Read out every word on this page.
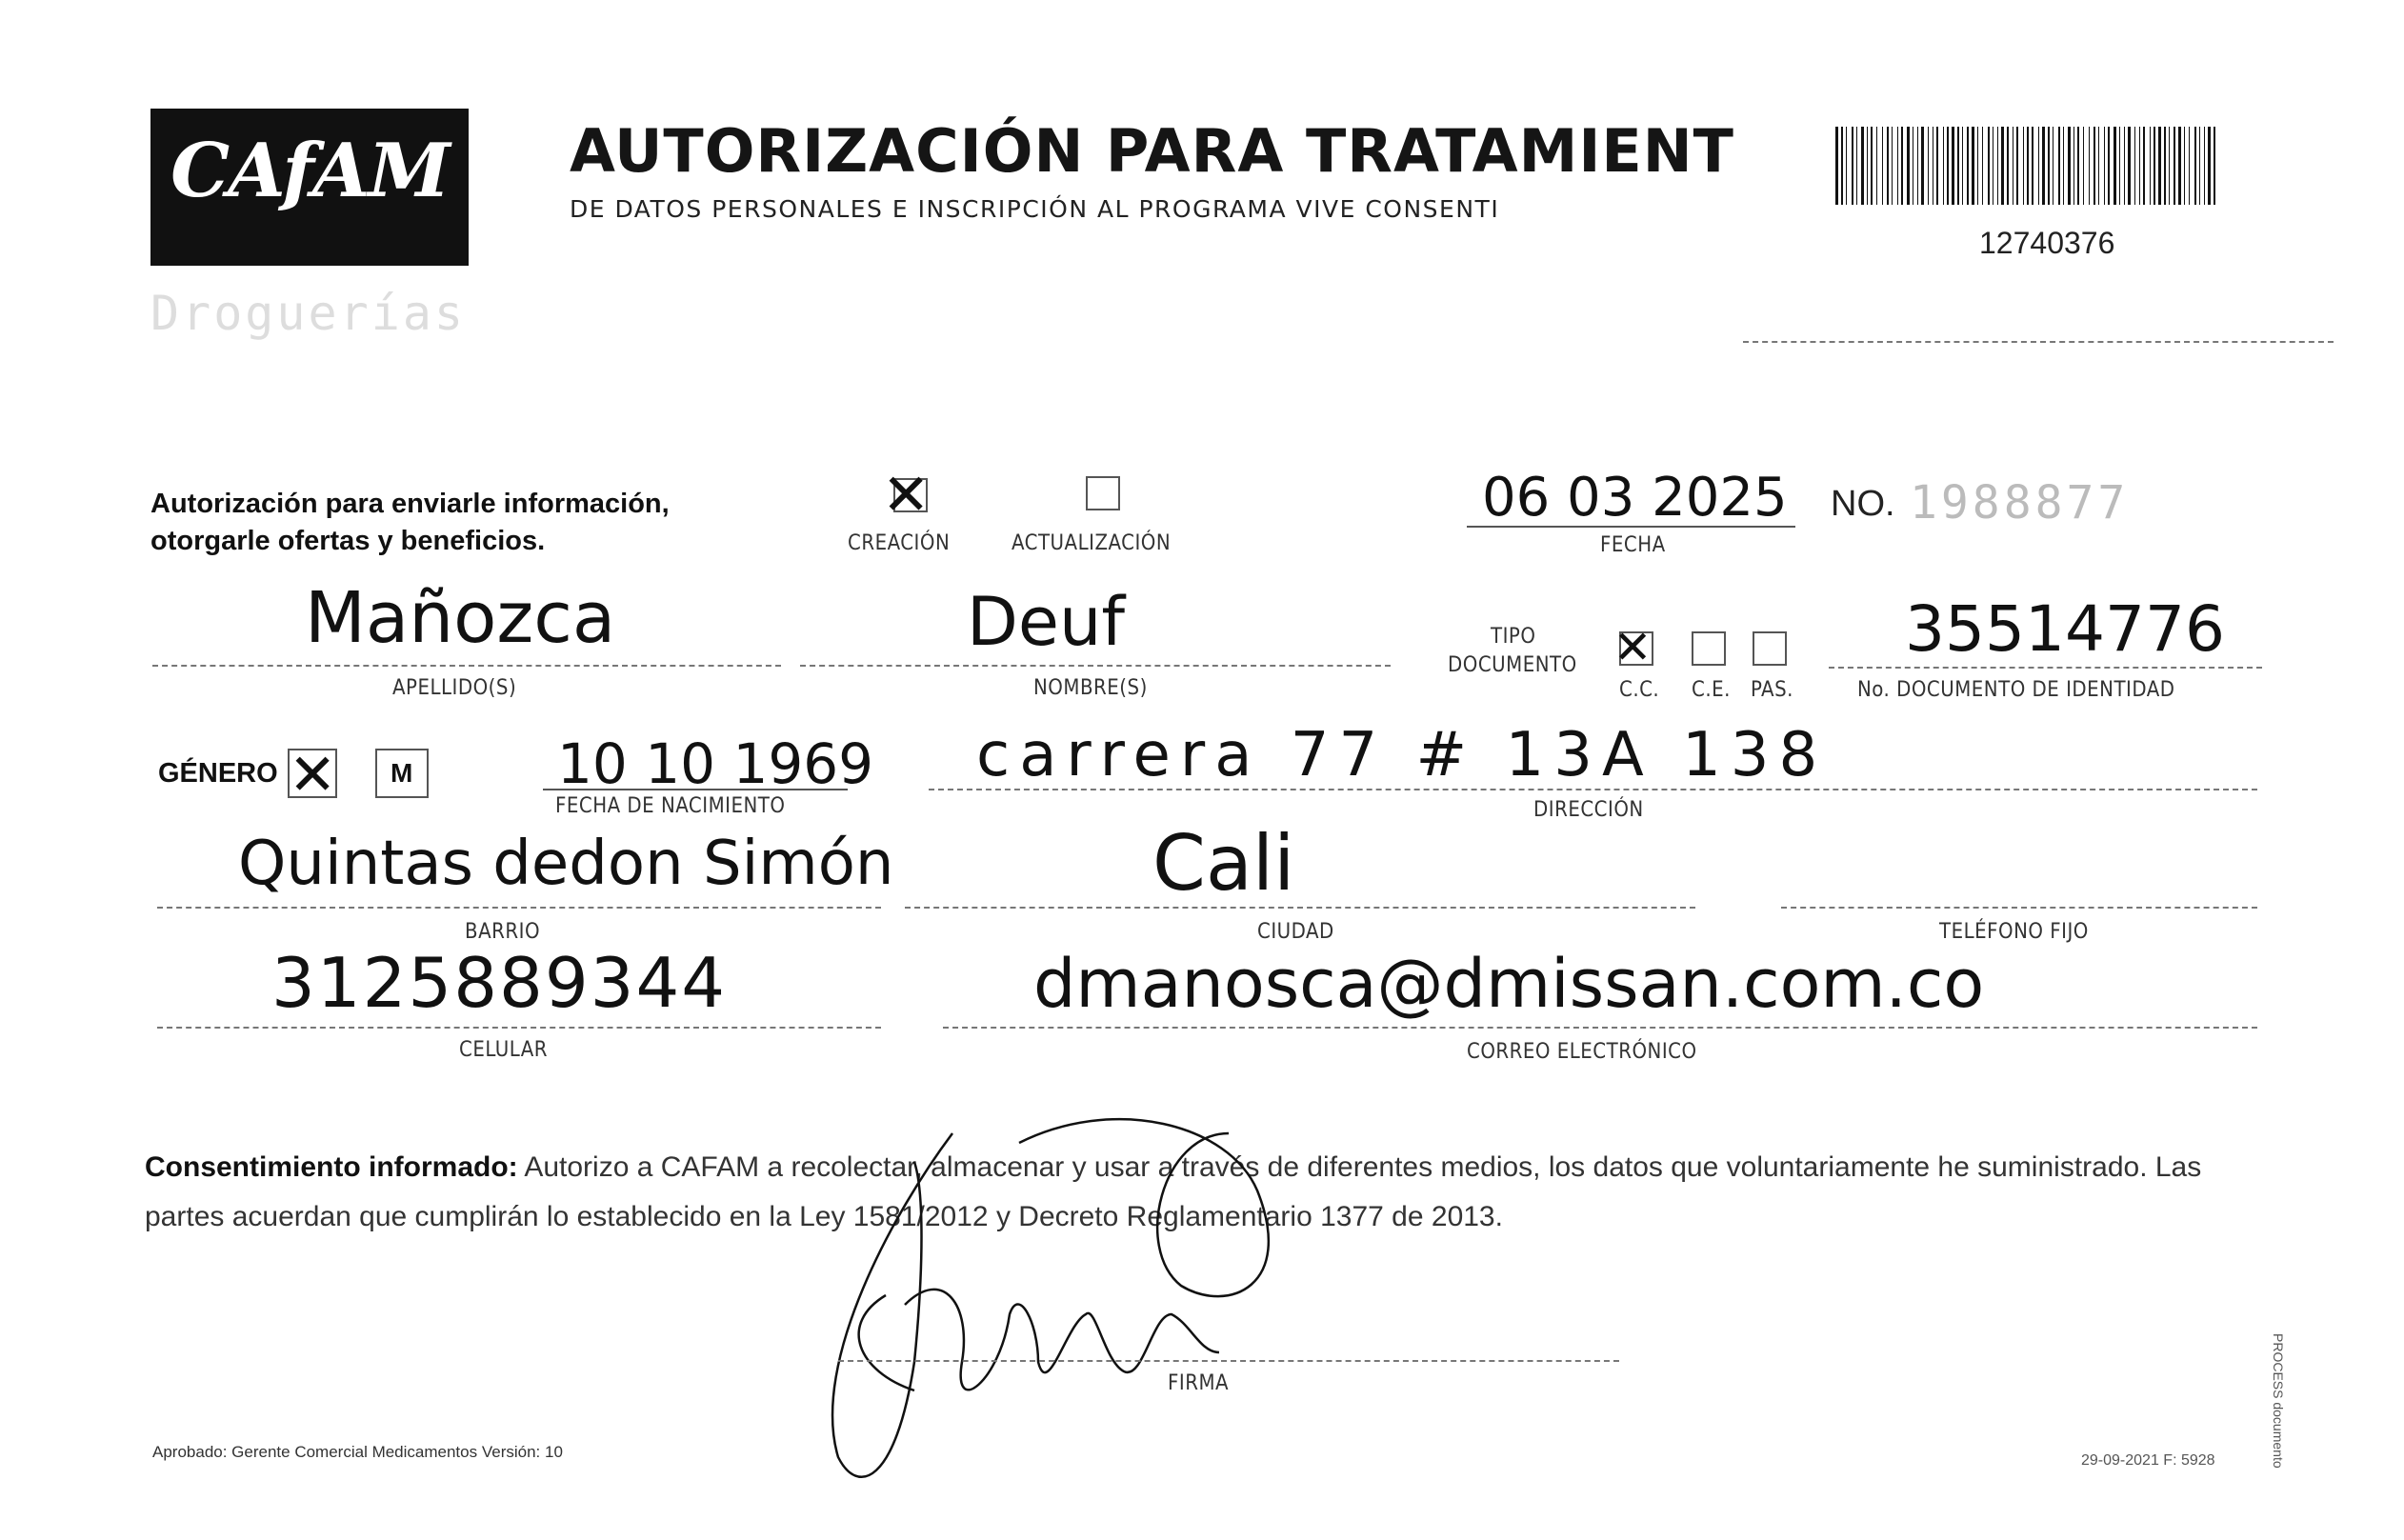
CAfAM
Droguerías
AUTORIZACIÓN PARA TRATAMIENT
DE DATOS PERSONALES E INSCRIPCIÓN AL PROGRAMA VIVE CONSENTI
12740376
Autorización para enviarle información,
otorgarle ofertas y beneficios.
✕
CREACIÓN	ACTUALIZACIÓN
06 03 2025
FECHA
NO. 1988877
Mañozca
APELLIDO(S)
Deuf
NOMBRE(S)
TIPO
DOCUMENTO ✕
C.C. C.E. PAS.
35514776
No. DOCUMENTO DE IDENTIDAD
GÉNERO ✕ M	10 10 1969
FECHA DE NACIMIENTO
carrera 77 # 13A 138
DIRECCIÓN
Quintas dedon Simón
BARRIO
Cali
CIUDAD	TELÉFONO FIJO
3125889344
CELULAR
dmanosca@dmissan.com.co
CORREO ELECTRÓNICO
Consentimiento informado: Autorizo a CAFAM a recolectar, almacenar y usar a través de diferentes medios, los datos que voluntariamente he suministrado. Las partes acuerdan que cumplirán lo establecido en la Ley 1581/2012 y Decreto Reglamentario 1377 de 2013.
FIRMA
Aprobado: Gerente Comercial Medicamentos Versión: 10	29-09-2021 F: 5928	PROCESS documento
